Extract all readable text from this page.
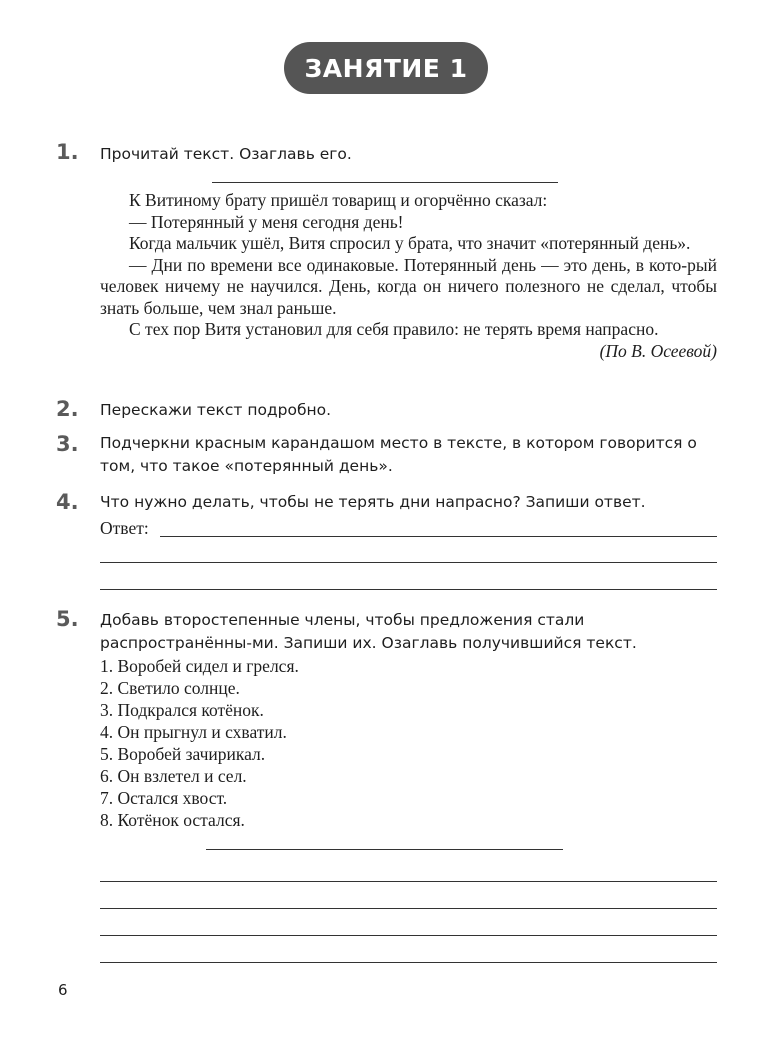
ЗАНЯТИЕ 1
1. Прочитай текст. Озаглавь его.

К Витиному брату пришёл товарищ и огорчённо сказал:

— Потерянный у меня сегодня день!

Когда мальчик ушёл, Витя спросил у брата, что значит «потерянный день».

— Дни по времени все одинаковые. Потерянный день — это день, в кото-рый человек ничему не научился. День, когда он ничего полезного не сделал, чтобы знать больше, чем знал раньше.

С тех пор Витя установил для себя правило: не терять время напрасно.

(По В. Осеевой)

2. Перескажи текст подробно.
3. Подчеркни красным карандашом место в тексте, в котором говорится о том, что такое «потерянный день».
4. Что нужно делать, чтобы не терять дни напрасно? Запиши ответ.
Ответ:
5. Добавь второстепенные члены, чтобы предложения стали распространённы-ми. Запиши их. Озаглавь получившийся текст.
1. Воробей сидел и грелся.
2. Светило солнце.
3. Подкрался котёнок.
4. Он прыгнул и схватил.
5. Воробей зачирикал.
6. Он взлетел и сел.
7. Остался хвост.
8. Котёнок остался.
6
